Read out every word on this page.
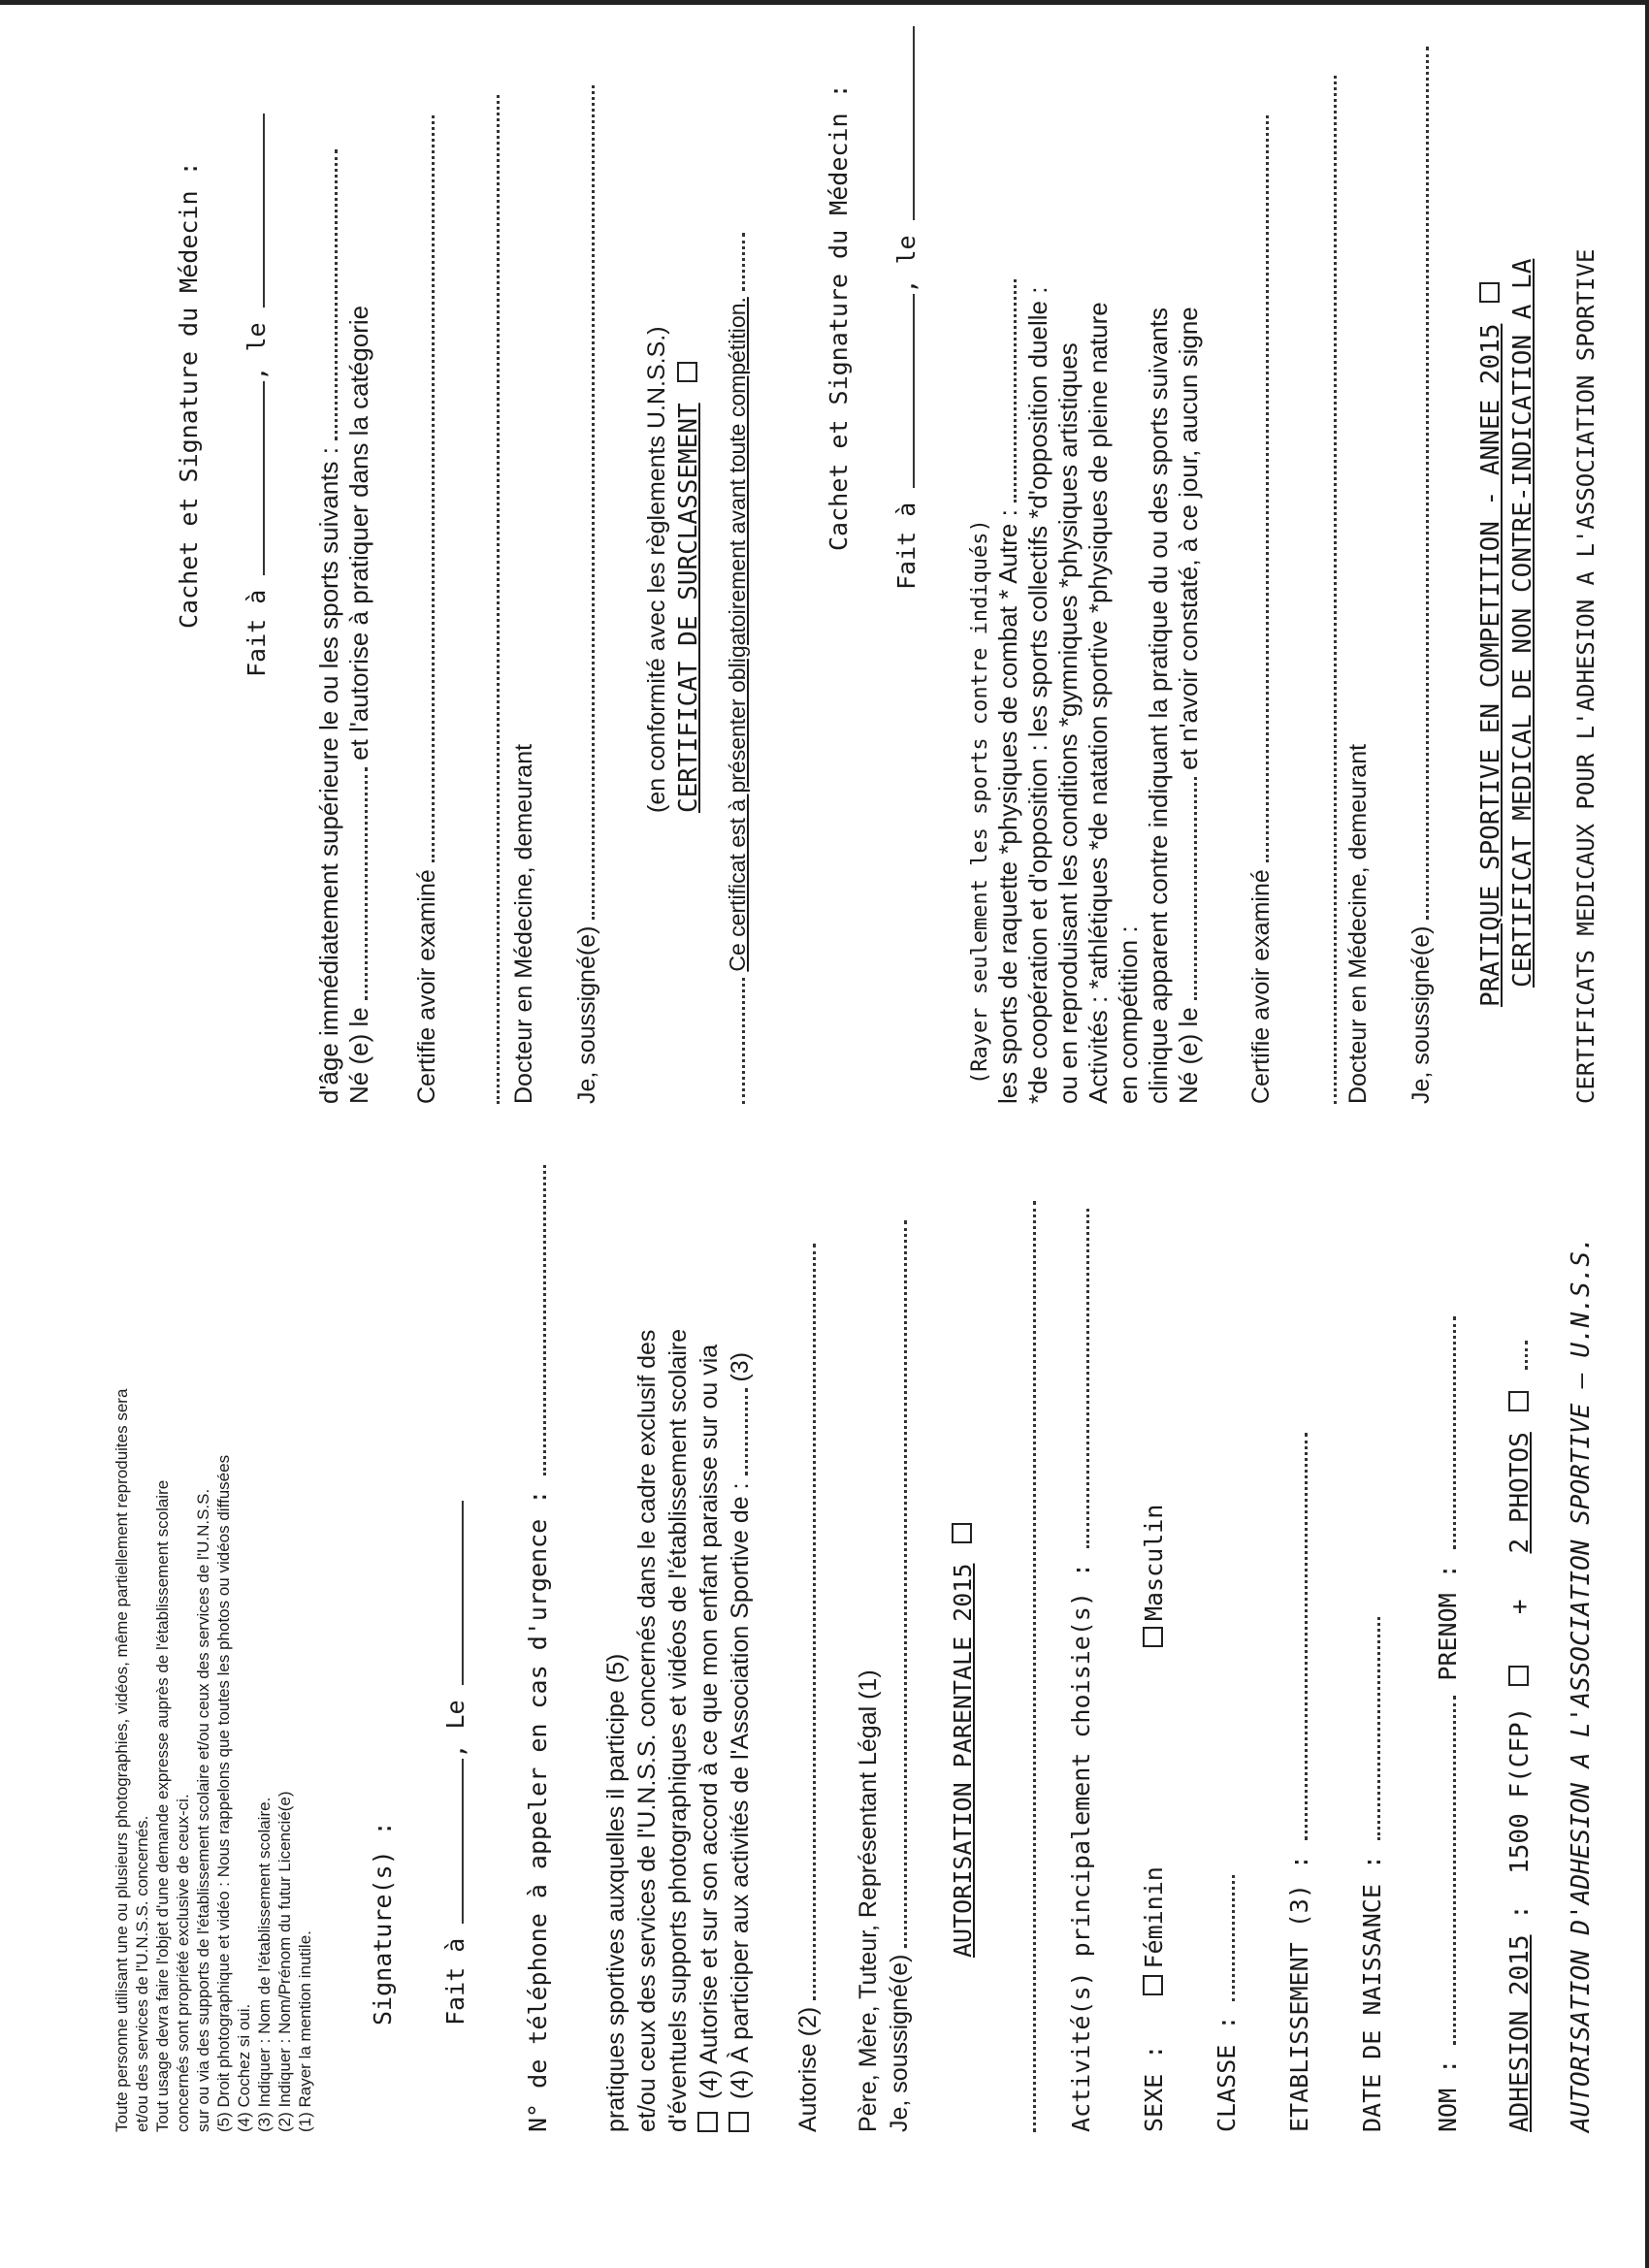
AUTORISATION D'ADHESION A L'ASSOCIATION SPORTIVE – U.N.S.S.
ADHESION 2015 :  1500 F(CFP)    +   2 PHOTOS
NOM :  PRENOM :
DATE DE NAISSANCE :
ETABLISSEMENT (3) :
CLASSE :
SEXE :   Féminin  Masculin
Activité(s) principalement choisie(s) :
AUTORISATION PARENTALE 2015
Je, soussigné(e)
Père, Mère, Tuteur, Représentant Légal (1)
Autorise (2)
(4) À participer aux activités de l'Association Sportive de :  (3)
(4) Autorise et sur son accord à ce que mon enfant paraisse sur ou via
d'éventuels supports photographiques et vidéos de l'établissement scolaire
et/ou ceux des services de l'U.N.S.S. concernés dans le cadre exclusif des
pratiques sportives auxquelles il participe (5)
N° de téléphone à appeler en cas d'urgence :
Fait à , Le
Signature(s) :
(1) Rayer la mention inutile.
(2) Indiquer : Nom/Prénom du futur Licencié(e)
(3) Indiquer : Nom de l'établissement scolaire.
(4) Cochez si oui.
(5) Droit photographique et vidéo : Nous rappelons que toutes les photos ou vidéos diffusées
sur ou via des supports de l'établissement scolaire et/ou ceux des services de l'U.N.S.S.
concernés sont propriété exclusive de ceux-ci.
Tout usage devra faire l'objet d'une demande expresse auprès de l'établissement scolaire
et/ou des services de l'U.N.S.S. concernés.
Toute personne utilisant une ou plusieurs photographies, vidéos, même partiellement reproduites sera
CERTIFICATS MEDICAUX POUR L'ADHESION A L'ASSOCIATION SPORTIVE
CERTIFICAT MEDICAL DE NON CONTRE-INDICATION A LA
PRATIQUE SPORTIVE EN COMPETITION - ANNEE 2015
Je, soussigné(e)
Docteur en Médecine, demeurant
Certifie avoir examiné
Né (e) le  et n'avoir constaté, à ce jour, aucun signe
clinique apparent contre indiquant la pratique du ou des sports suivants
en compétition :
Activités : *athlétiques *de natation sportive *physiques de pleine nature
ou en reproduisant les conditions *gymniques *physiques artistiques
*de coopération et d'opposition : les sports collectifs *d'opposition duelle :
les sports de raquette *physiques de combat * Autre :
(Rayer seulement les sports contre indiqués)
Fait à , le
Cachet et Signature du Médecin :
Ce certificat est à présenter obligatoirement avant toute compétition.
CERTIFICAT DE SURCLASSEMENT
(en conformité avec les règlements U.N.S.S.)
Je, soussigné(e)
Docteur en Médecine, demeurant
Certifie avoir examiné
Né (e) le  et l'autorise à pratiquer dans la catégorie
d'âge immédiatement supérieure le ou les sports suivants :
Fait à , le
Cachet et Signature du Médecin :
